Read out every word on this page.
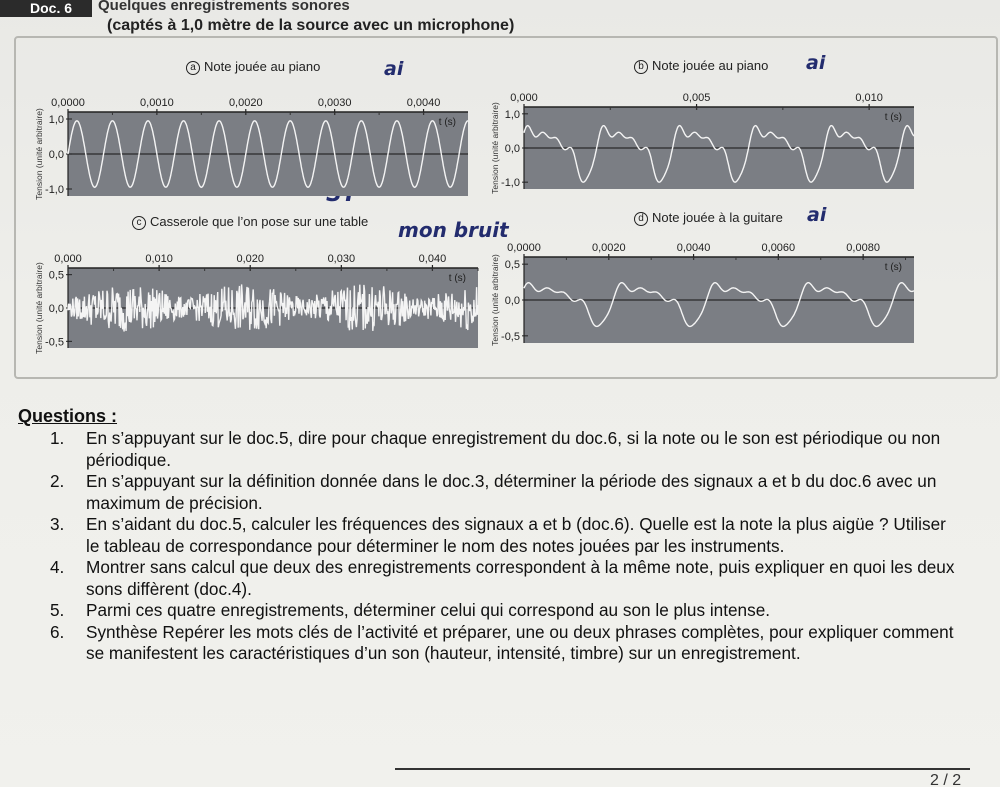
Doc. 6	Quelques enregistrements sonores
(captés à 1,0 mètre de la source avec un microphone)
a Note jouée au piano	b Note jouée au piano
c Casserole que l’on pose sur une table	d Note jouée à la guitare
ai	ai
mon bruit
ai
0,0000	0,0010	0,0020	0,0030	0,0040
1,0
0,0
-1,0
Tension (unité arbitraire)	t (s)
0,000	0,005	0,010
1,0
0,0
-1,0
Tension (unité arbitraire)	t (s)
0,000	0,010	0,020	0,030	0,040
0,5
0,0
-0,5
Tension (unité arbitraire)	t (s)
0,0000	0,0020	0,0040	0,0060	0,0080
0,5
0,0
-0,5
Tension (unité arbitraire)	t (s)
Questions :
1. En s’appuyant sur le doc.5, dire pour chaque enregistrement du doc.6, si la note ou le son est périodique ou non périodique.
2. En s’appuyant sur la définition donnée dans le doc.3, déterminer la période des signaux a et b du doc.6 avec un maximum de précision.
3. En s’aidant du doc.5, calculer les fréquences des signaux a et b (doc.6). Quelle est la note la plus aigüe ? Utiliser le tableau de correspondance pour déterminer le nom des notes jouées par les instruments.
4. Montrer sans calcul que deux des enregistrements correspondent à la même note, puis expliquer en quoi les deux sons diffèrent (doc.4).
5. Parmi ces quatre enregistrements, déterminer celui qui correspond au son le plus intense.
6. Synthèse Repérer les mots clés de l’activité et préparer, une ou deux phrases complètes, pour expliquer comment se manifestent les caractéristiques d’un son (hauteur, intensité, timbre) sur un enregistrement.
2 / 2
